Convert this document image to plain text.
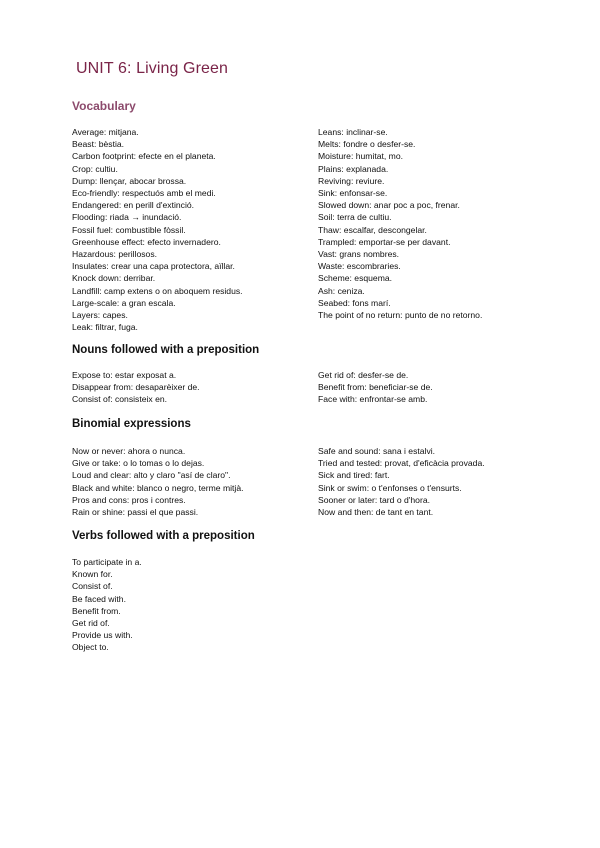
UNIT 6: Living Green
Vocabulary
Average: mitjana.
Beast: bèstia.
Carbon footprint: efecte en el planeta.
Crop: cultiu.
Dump: llençar, abocar brossa.
Eco-friendly: respectuós amb el medi.
Endangered: en perill d'extinció.
Flooding: riada → inundació.
Fossil fuel: combustible fòssil.
Greenhouse effect: efecto invernadero.
Hazardous: perillosos.
Insulates: crear una capa protectora, aïllar.
Knock down: derribar.
Landfill: camp extens o on aboquem residus.
Large-scale: a gran escala.
Layers: capes.
Leak: filtrar, fuga.
Leans: inclinar-se.
Melts: fondre o desfer-se.
Moisture: humitat, mo.
Plains: explanada.
Reviving: reviure.
Sink: enfonsar-se.
Slowed down: anar poc a poc, frenar.
Soil: terra de cultiu.
Thaw: escalfar, descongelar.
Trampled: emportar-se per davant.
Vast: grans nombres.
Waste: escombraries.
Scheme: esquema.
Ash: ceniza.
Seabed: fons marí.
The point of no return: punto de no retorno.
Nouns followed with a preposition
Expose to: estar exposat a.
Disappear from: desaparèixer de.
Consist of: consisteix en.
Get rid of: desfer-se de.
Benefit from: beneficiar-se de.
Face with: enfrontar-se amb.
Binomial expressions
Now or never: ahora o nunca.
Give or take: o lo tomas o lo dejas.
Loud and clear: alto y claro "así de claro".
Black and white: blanco o negro, terme mitjà.
Pros and cons: pros i contres.
Rain or shine: passi el que passi.
Safe and sound: sana i estalvi.
Tried and tested: provat, d'eficàcia provada.
Sick and tired: fart.
Sink or swim: o t'enfonses o t'ensurts.
Sooner or later: tard o d'hora.
Now and then: de tant en tant.
Verbs followed with a preposition
To participate in a.
Known for.
Consist of.
Be faced with.
Benefit from.
Get rid of.
Provide us with.
Object to.
